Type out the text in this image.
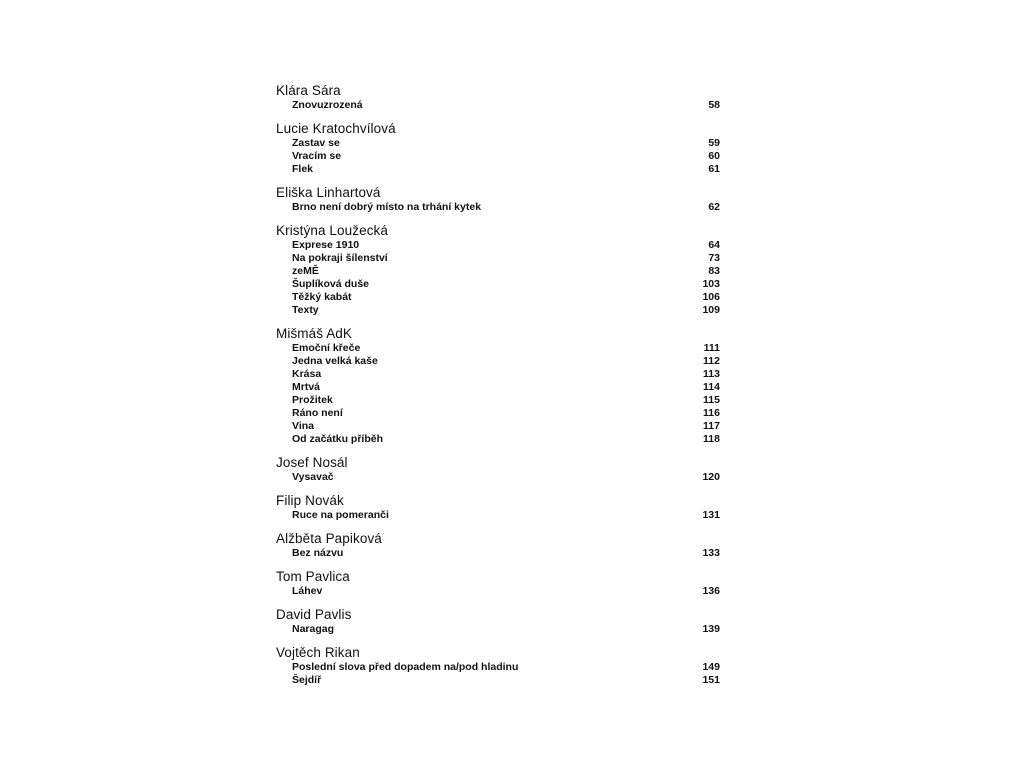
Klára Sára
Znovuzrozená	58
Lucie Kratochvílová
Zastav se	59
Vracím se	60
Flek	61
Eliška Linhartová
Brno není dobrý místo na trhání kytek	62
Kristýna Loužecká
Exprese 1910	64
Na pokraji šílenství	73
zeMĚ	83
Šuplíková duše	103
Těžký kabát	106
Texty	109
Mišmáš AdK
Emoční křeče	111
Jedna velká kaše	112
Krása	113
Mrtvá	114
Prožitek	115
Ráno není	116
Vina	117
Od začátku příběh	118
Josef Nosál
Vysavač	120
Filip Novák
Ruce na pomeranči	131
Alžběta Papiková
Bez názvu	133
Tom Pavlica
Láhev	136
David Pavlis
Naragag	139
Vojtěch Rikan
Poslední slova před dopadem na/pod hladinu	149
Šejdíř	151
